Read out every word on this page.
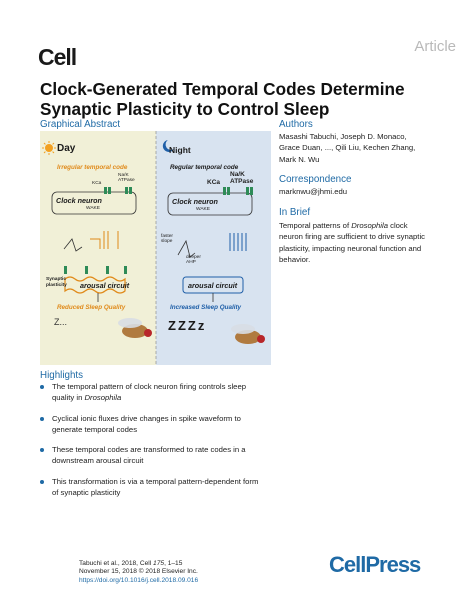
Cell	Article
Clock-Generated Temporal Codes Determine Synaptic Plasticity to Control Sleep
Graphical Abstract
Day	Night
Irregular temporal code	Regular temporal code
KCa
Na/K ATPase	KCa
Na/K ATPase
Clock neuron
WAKE
Clock neuron
WAKE
faster slope
deeper AHP
Synaptic plasticity	arousal circuit	arousal circuit
Reduced Sleep Quality	Increased Sleep Quality
Z...	ZZZz
Authors
Masashi Tabuchi, Joseph D. Monaco, Grace Duan, ..., Qili Liu, Kechen Zhang, Mark N. Wu
Correspondence
marknwu@jhmi.edu
In Brief
Temporal patterns of Drosophila clock neuron firing are sufficient to drive synaptic plasticity, impacting neuronal function and behavior.
Highlights
The temporal pattern of clock neuron firing controls sleep quality in Drosophila
Cyclical ionic fluxes drive changes in spike waveform to generate temporal codes
These temporal codes are transformed to rate codes in a downstream arousal circuit
This transformation is via a temporal pattern-dependent form of synaptic plasticity
Tabuchi et al., 2018, Cell 175, 1–15
November 15, 2018 © 2018 Elsevier Inc.
https://doi.org/10.1016/j.cell.2018.09.016
CellPress
